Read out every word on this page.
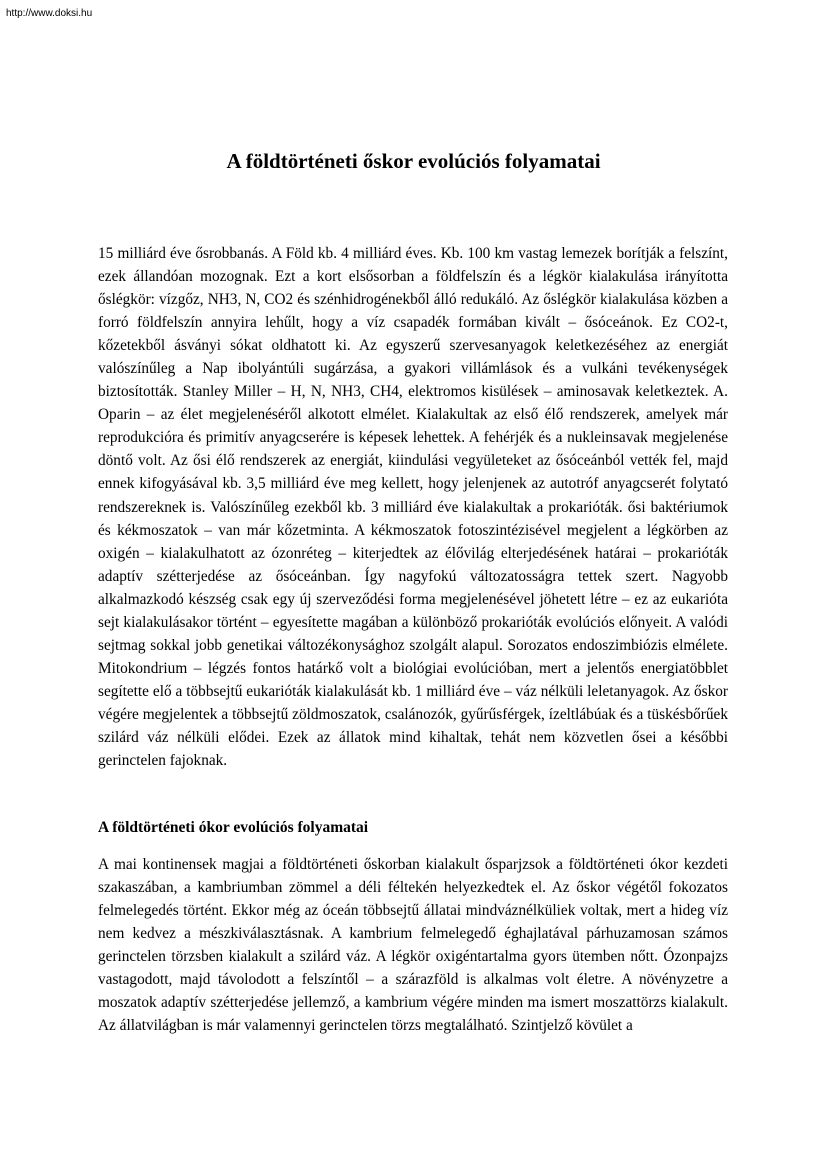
http://www.doksi.hu
A földtörténeti őskor evolúciós folyamatai

15 milliárd éve ősrobbanás. A Föld kb. 4 milliárd éves. Kb. 100 km vastag lemezek borítják a felszínt, ezek állandóan mozognak. Ezt a kort elsősorban a földfelszín és a légkör kialakulása irányította őslégkör: vízgőz, NH3, N, CO2 és szénhidrogénekből álló redukáló. Az őslégkör kialakulása közben a forró földfelszín annyira lehűlt, hogy a víz csapadék formában kivált – ősóceánok. Ez CO2-t, kőzetekből ásványi sókat oldhatott ki. Az egyszerű szervesanyagok keletkezéséhez az energiát valószínűleg a Nap ibolyántúli sugárzása, a gyakori villámlások és a vulkáni tevékenységek biztosították. Stanley Miller – H, N, NH3, CH4, elektromos kisülések – aminosavak keletkeztek. A. Oparin – az élet megjelenéséről alkotott elmélet. Kialakultak az első élő rendszerek, amelyek már reprodukcióra és primitív anyagcserére is képesek lehettek. A fehérjék és a nukleinsavak megjelenése döntő volt. Az ősi élő rendszerek az energiát, kiindulási vegyületeket az ősóceánból vették fel, majd ennek kifogyásával kb. 3,5 milliárd éve meg kellett, hogy jelenjenek az autotróf anyagcserét folytató rendszereknek is. Valószínűleg ezekből kb. 3 milliárd éve kialakultak a prokarióták. ősi baktériumok és kékmoszatok – van már kőzetminta. A kékmoszatok fotoszintézisével megjelent a légkörben az oxigén – kialakulhatott az ózonréteg – kiterjedtek az élővilág elterjedésének határai – prokarióták adaptív szétterjedése az ősóceánban. Így nagyfokú változatosságra tettek szert. Nagyobb alkalmazkodó készség csak egy új szerveződési forma megjelenésével jöhetett létre – ez az eukarióta sejt kialakulásakor történt – egyesítette magában a különböző prokarióták evolúciós előnyeit. A valódi sejtmag sokkal jobb genetikai változékonysághoz szolgált alapul. Sorozatos endoszimbiózis elmélete. Mitokondrium – légzés fontos határkő volt a biológiai evolúcióban, mert a jelentős energiatöbblet segítette elő a többsejtű eukarióták kialakulását kb. 1 milliárd éve – váz nélküli leletanyagok. Az őskor végére megjelentek a többsejtű zöldmoszatok, csalánozók, gyűrűsférgek, ízeltlábúak és a tüskésbőrűek szilárd váz nélküli elődei. Ezek az állatok mind kihaltak, tehát nem közvetlen ősei a későbbi gerinctelen fajoknak.

A földtörténeti ókor evolúciós folyamatai

A mai kontinensek magjai a földtörténeti őskorban kialakult ősparjzsok a földtörténeti ókor kezdeti szakaszában, a kambriumban zömmel a déli féltekén helyezkedtek el. Az őskor végétől fokozatos felmelegedés történt. Ekkor még az óceán többsejtű állatai mindváznélküliek voltak, mert a hideg víz nem kedvez a mészkiválasztásnak. A kambrium felmelegedő éghajlatával párhuzamosan számos gerinctelen törzsben kialakult a szilárd váz. A légkör oxigéntartalma gyors ütemben nőtt. Ózonpajzs vastagodott, majd távolodott a felszíntől – a szárazföld is alkalmas volt életre. A növényzetre a moszatok adaptív szétterjedése jellemző, a kambrium végére minden ma ismert moszattörzs kialakult. Az állatvilágban is már valamennyi gerinctelen törzs megtalálható. Szintjelző kövület a
